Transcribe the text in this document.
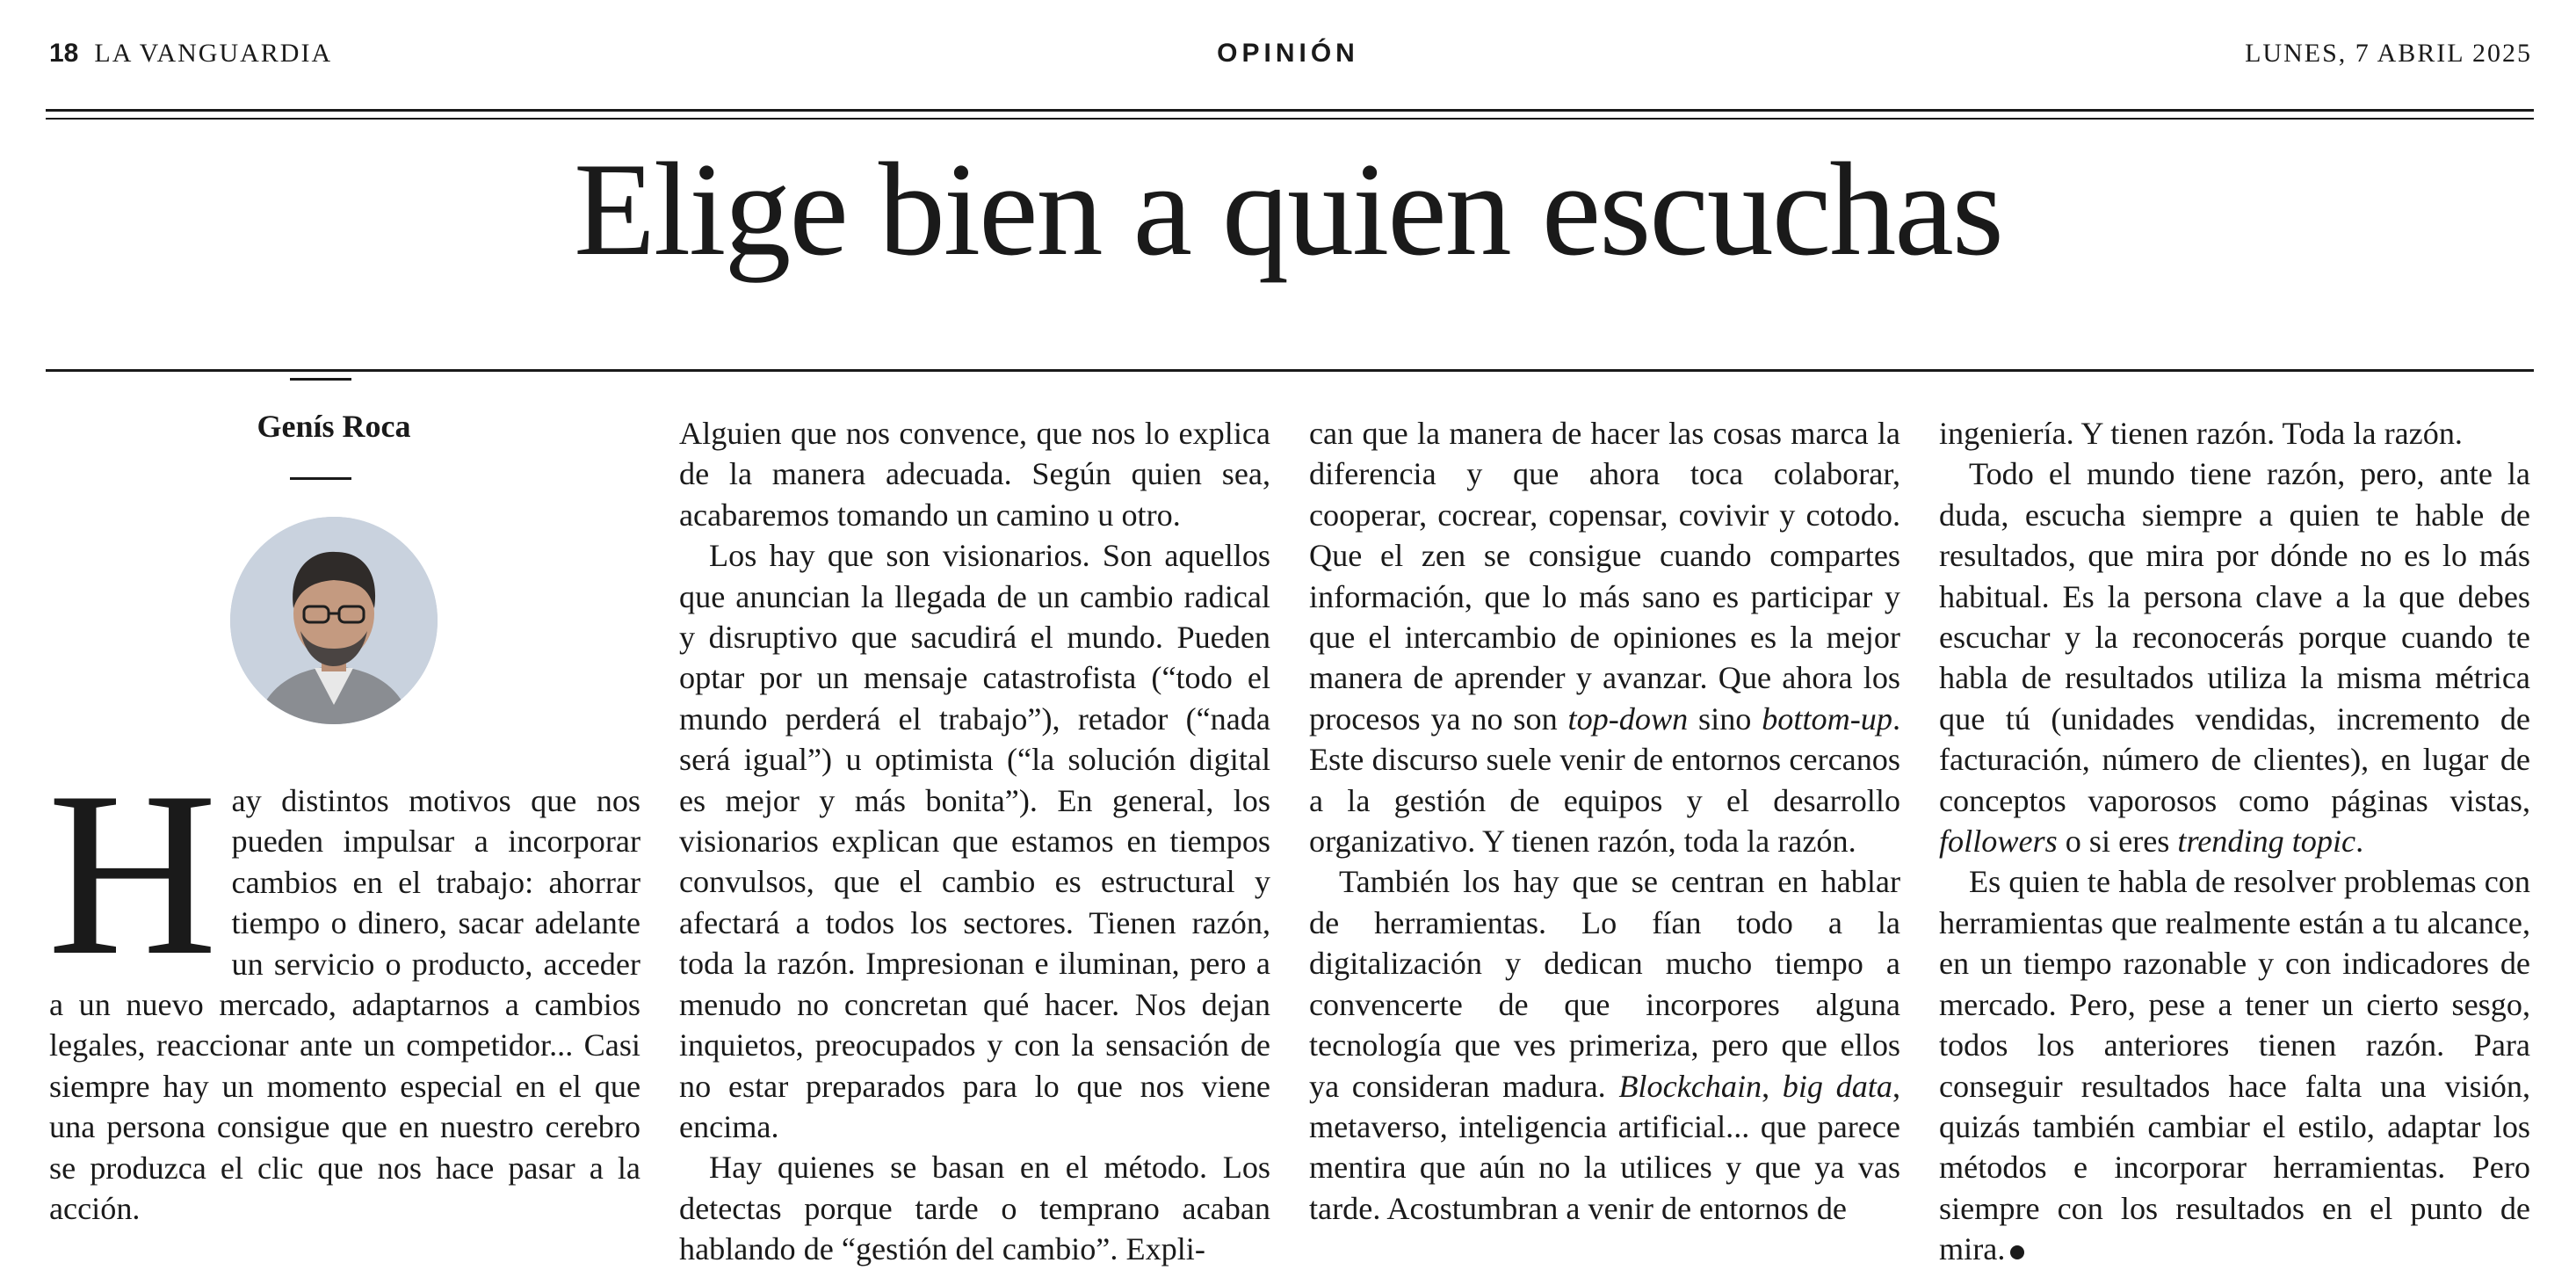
18 LA VANGUARDIA	OPINIÓN	LUNES, 7 ABRIL 2025
Elige bien a quien escuchas
Genís Roca
H ay distintos motivos que nos pueden impulsar a incorporar cambios en el trabajo: ahorrar tiempo o dinero, sacar adelante un servicio o producto, acceder a un nuevo mercado, adaptarnos a cambios legales, reaccionar ante un competidor... Casi siempre hay un momento especial en el que una persona consigue que en nuestro cerebro se produzca el clic que nos hace pasar a la acción.

Alguien que nos convence, que nos lo explica de la manera adecuada. Según quien sea, acabaremos tomando un camino u otro.

Los hay que son visionarios. Son aquellos que anuncian la llegada de un cambio radical y disruptivo que sacudirá el mundo. Pueden optar por un mensaje catastrofista (“todo el mundo perderá el trabajo”), retador (“nada será igual”) u optimista (“la solución digital es mejor y más bonita”). En general, los visionarios explican que estamos en tiempos convulsos, que el cambio es estructural y afectará a todos los sectores. Tienen razón, toda la razón. Impresionan e iluminan, pero a menudo no concretan qué hacer. Nos dejan inquietos, preocupados y con la sensación de no estar preparados para lo que nos viene encima.

Hay quienes se basan en el método. Los detectas porque tarde o temprano acaban hablando de “gestión del cambio”. Expli-

can que la manera de hacer las cosas marca la diferencia y que ahora toca colaborar, cooperar, cocrear, copensar, covivir y cotodo. Que el zen se consigue cuando compartes información, que lo más sano es participar y que el intercambio de opiniones es la mejor manera de aprender y avanzar. Que ahora los procesos ya no son top-down sino bottom-up. Este discurso suele venir de entornos cercanos a la gestión de equipos y el desarrollo organizativo. Y tienen razón, toda la razón.

También los hay que se centran en hablar de herramientas. Lo fían todo a la digitalización y dedican mucho tiempo a convencerte de que incorpores alguna tecnología que ves primeriza, pero que ellos ya consideran madura. Blockchain, big data, metaverso, inteligencia artificial... que parece mentira que aún no la utilices y que ya vas tarde. Acostumbran a venir de entornos de

ingeniería. Y tienen razón. Toda la razón.

Todo el mundo tiene razón, pero, ante la duda, escucha siempre a quien te hable de resultados, que mira por dónde no es lo más habitual. Es la persona clave a la que debes escuchar y la reconocerás porque cuando te habla de resultados utiliza la misma métrica que tú (unidades vendidas, incremento de facturación, número de clientes), en lugar de conceptos vaporosos como páginas vistas, followers o si eres trending topic.

Es quien te habla de resolver problemas con herramientas que realmente están a tu alcance, en un tiempo razonable y con indicadores de mercado. Pero, pese a tener un cierto sesgo, todos los anteriores tienen razón. Para conseguir resultados hace falta una visión, quizás también cambiar el estilo, adaptar los métodos e incorporar herramientas. Pero siempre con los resultados en el punto de mira.
